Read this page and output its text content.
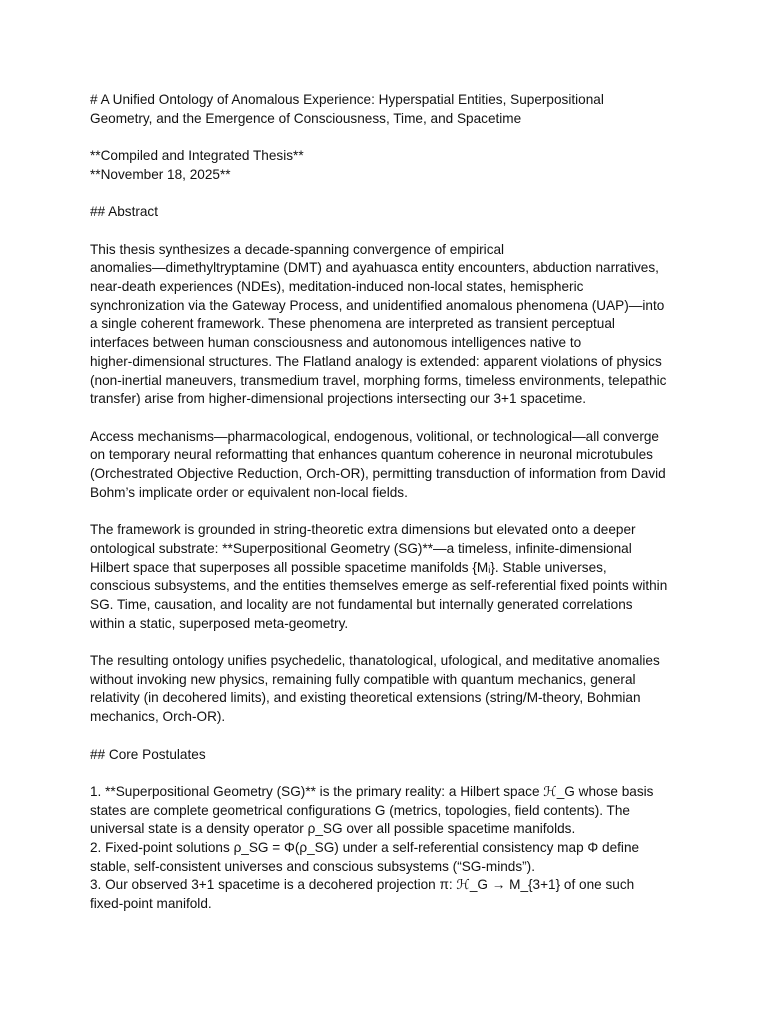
# A Unified Ontology of Anomalous Experience: Hyperspatial Entities, Superpositional
Geometry, and the Emergence of Consciousness, Time, and Spacetime
**Compiled and Integrated Thesis**
**November 18, 2025**
## Abstract
This thesis synthesizes a decade-spanning convergence of empirical
anomalies—dimethyltryptamine (DMT) and ayahuasca entity encounters, abduction narratives,
near-death experiences (NDEs), meditation-induced non-local states, hemispheric
synchronization via the Gateway Process, and unidentified anomalous phenomena (UAP)—into
a single coherent framework. These phenomena are interpreted as transient perceptual
interfaces between human consciousness and autonomous intelligences native to
higher-dimensional structures. The Flatland analogy is extended: apparent violations of physics
(non-inertial maneuvers, transmedium travel, morphing forms, timeless environments, telepathic
transfer) arise from higher-dimensional projections intersecting our 3+1 spacetime.
Access mechanisms—pharmacological, endogenous, volitional, or technological—all converge
on temporary neural reformatting that enhances quantum coherence in neuronal microtubules
(Orchestrated Objective Reduction, Orch-OR), permitting transduction of information from David
Bohm’s implicate order or equivalent non-local fields.
The framework is grounded in string-theoretic extra dimensions but elevated onto a deeper
ontological substrate: **Superpositional Geometry (SG)**—a timeless, infinite-dimensional
Hilbert space that superposes all possible spacetime manifolds {Mᵢ}. Stable universes,
conscious subsystems, and the entities themselves emerge as self-referential fixed points within
SG. Time, causation, and locality are not fundamental but internally generated correlations
within a static, superposed meta-geometry.
The resulting ontology unifies psychedelic, thanatological, ufological, and meditative anomalies
without invoking new physics, remaining fully compatible with quantum mechanics, general
relativity (in decohered limits), and existing theoretical extensions (string/M-theory, Bohmian
mechanics, Orch-OR).
## Core Postulates
1. **Superpositional Geometry (SG)** is the primary reality: a Hilbert space ℋ_G whose basis
states are complete geometrical configurations G (metrics, topologies, field contents). The
universal state is a density operator ρ_SG over all possible spacetime manifolds.
2. Fixed-point solutions ρ_SG = Φ(ρ_SG) under a self-referential consistency map Φ define
stable, self-consistent universes and conscious subsystems (“SG-minds”).
3. Our observed 3+1 spacetime is a decohered projection π: ℋ_G → M_{3+1} of one such
fixed-point manifold.
